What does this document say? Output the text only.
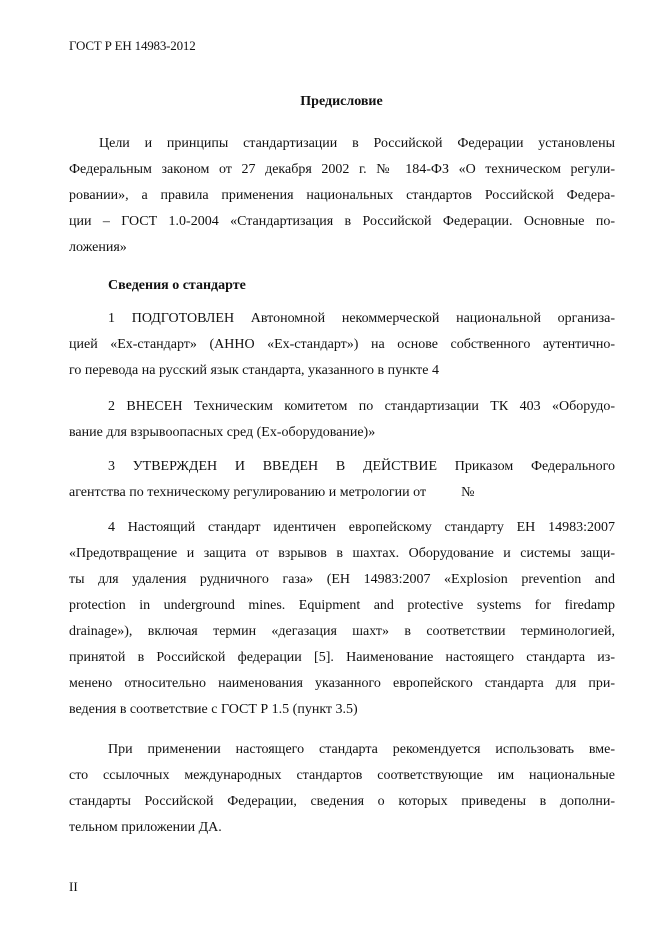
ГОСТ Р ЕН 14983-2012
Предисловие
Цели и принципы стандартизации в Российской Федерации установлены
Федеральным законом от 27 декабря 2002 г. № 184-ФЗ «О техническом регули-
ровании», а правила применения национальных стандартов Российской Федера-
ции – ГОСТ 1.0-2004 «Стандартизация в Российской Федерации. Основные по-
ложения»
Сведения о стандарте
1 ПОДГОТОВЛЕН Автономной некоммерческой национальной организа-
цией «Ех-стандарт» (АННО «Ех-стандарт») на основе собственного аутентично-
го перевода на русский язык стандарта, указанного в пункте 4
2 ВНЕСЕН Техническим комитетом по стандартизации ТК 403 «Оборудо-
вание для взрывоопасных сред (Ех-оборудование)»
3 УТВЕРЖДЕН И ВВЕДЕН В ДЕЙСТВИЕ Приказом Федерального
агентства по техническому регулированию и метрологии от          №
4 Настоящий стандарт идентичен европейскому стандарту ЕН 14983:2007
«Предотвращение и защита от взрывов в шахтах. Оборудование и системы защи-
ты для удаления рудничного газа» (EH 14983:2007 «Explosion prevention and
protection in underground mines. Equipment and protective systems for firedamp
drainage»), включая термин «дегазация шахт» в соответствии терминологией,
принятой в Российской федерации [5]. Наименование настоящего стандарта из-
менено относительно наименования указанного европейского стандарта для при-
ведения в соответствие с ГОСТ Р 1.5 (пункт 3.5)
При применении настоящего стандарта рекомендуется использовать вме-
сто ссылочных международных стандартов соответствующие им национальные
стандарты Российской Федерации, сведения о которых приведены в дополни-
тельном приложении ДА.
II
